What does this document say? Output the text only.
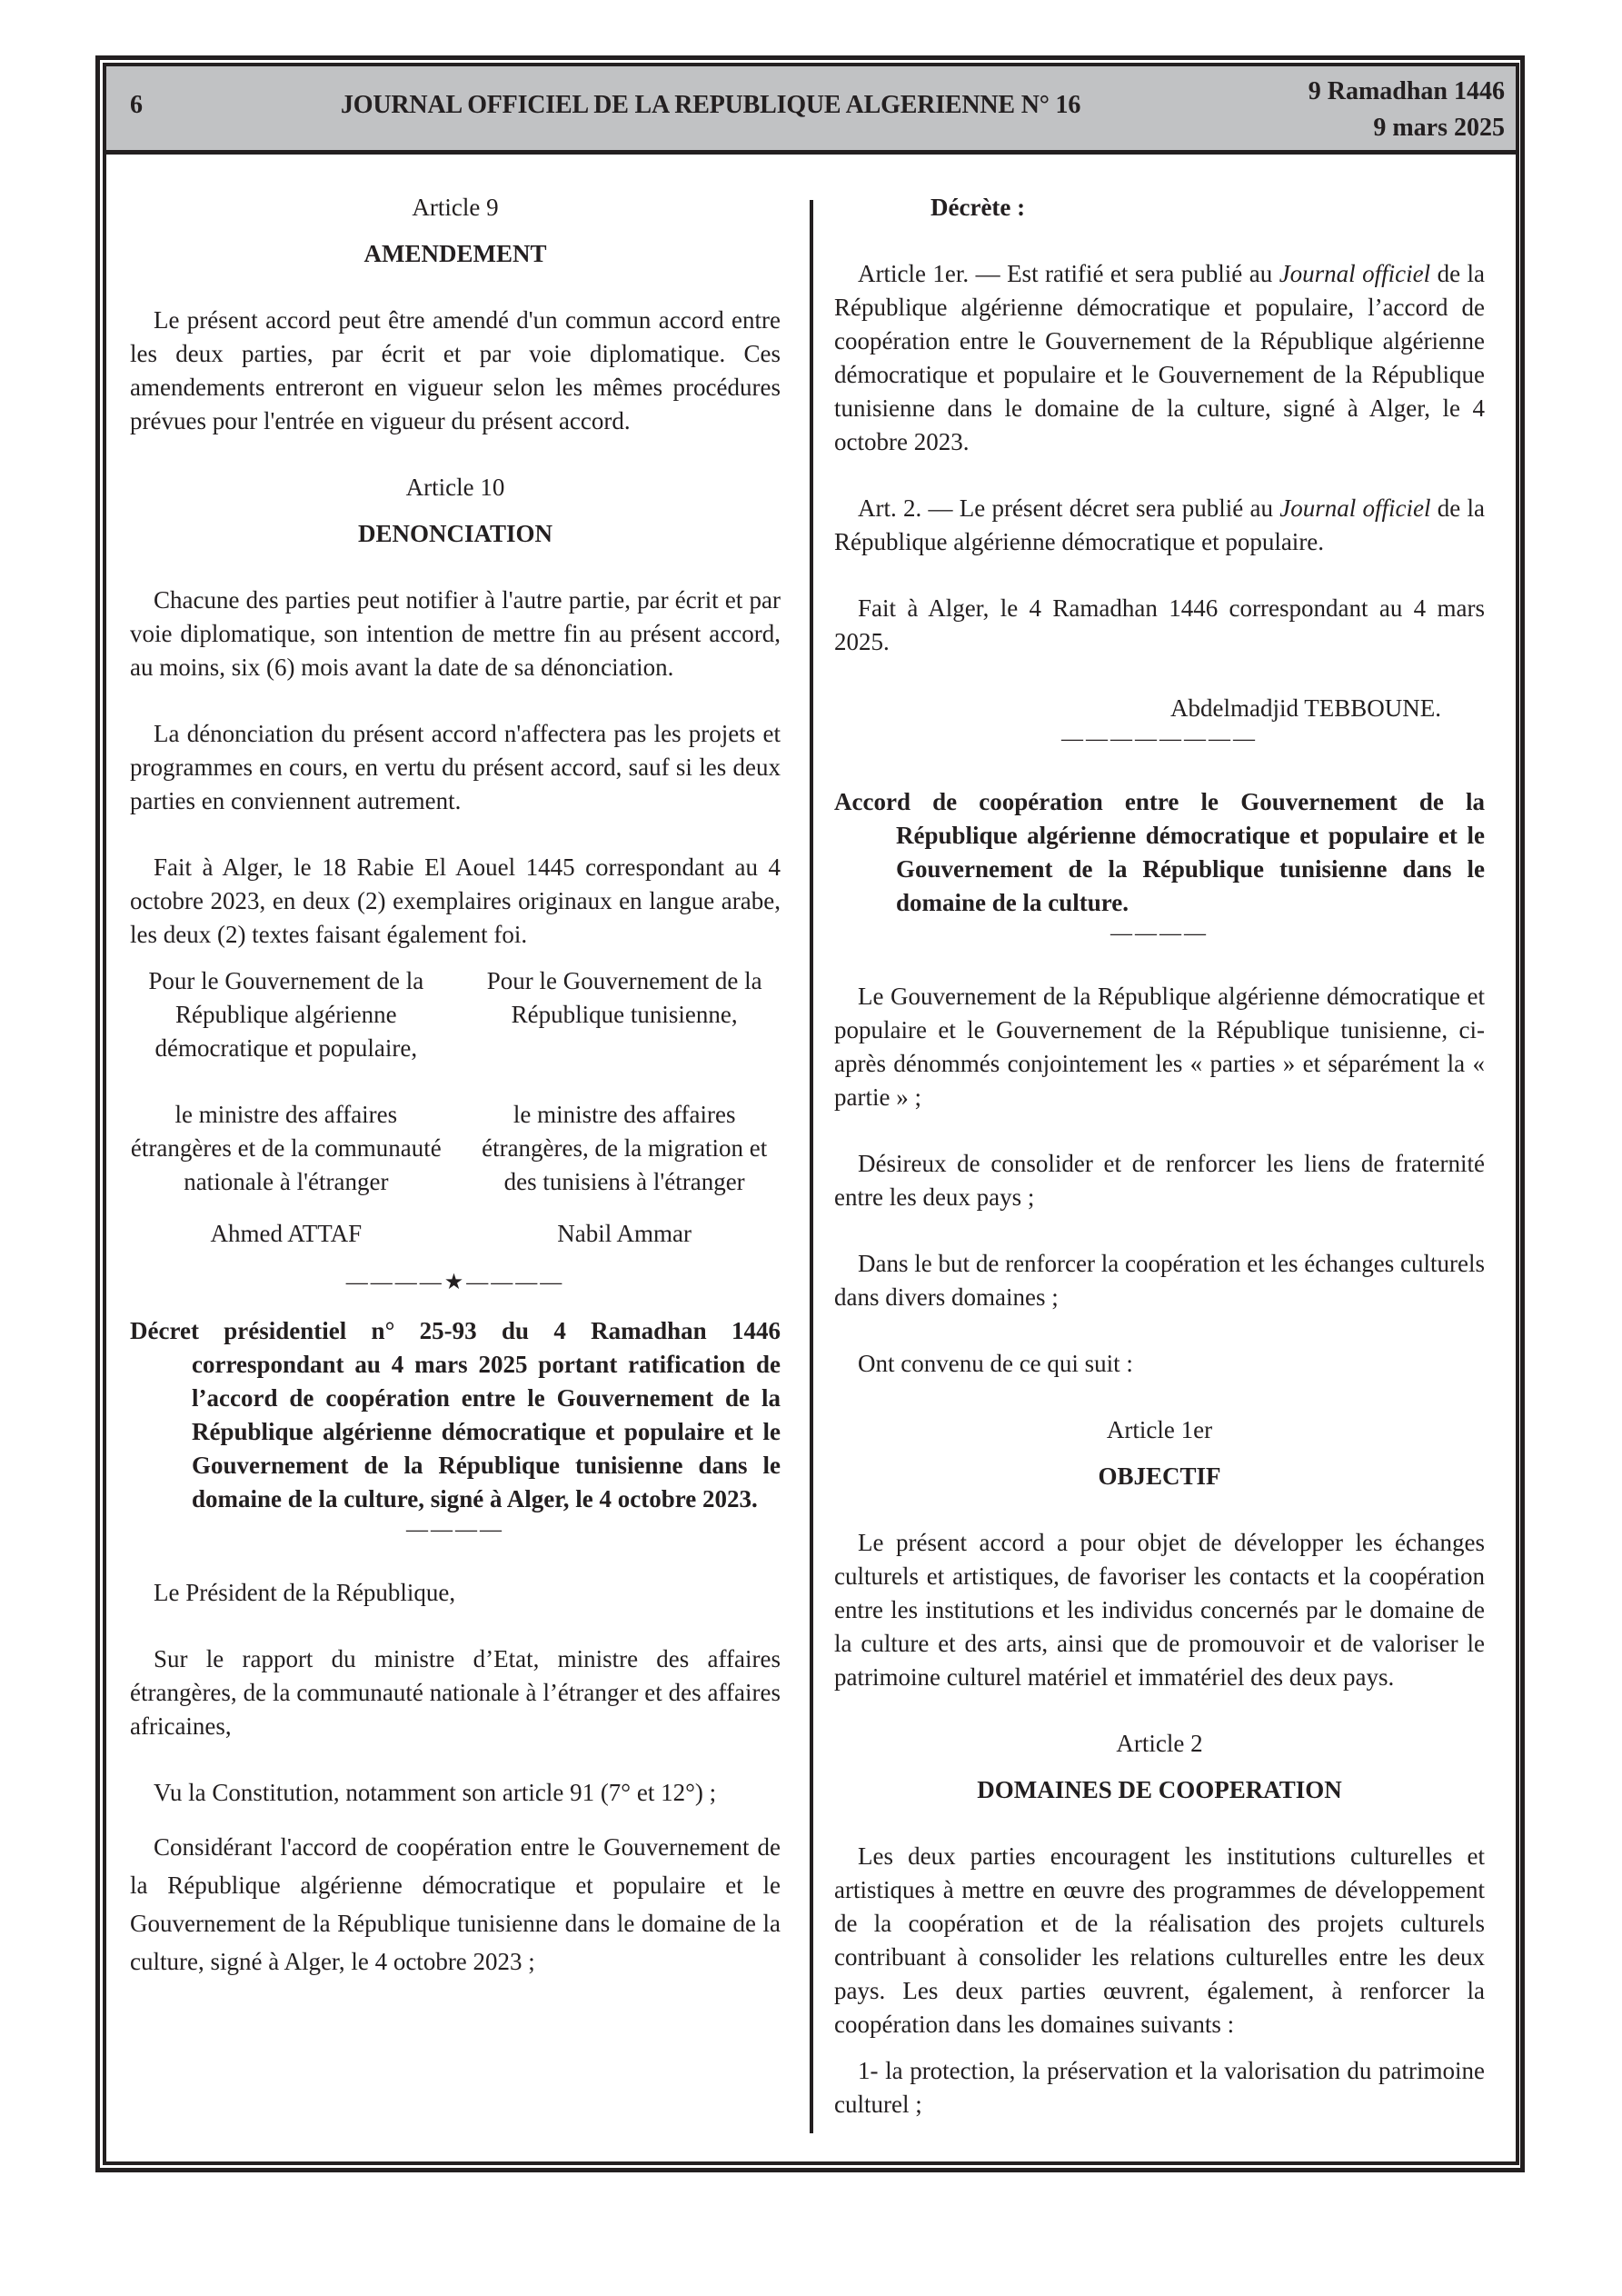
6	JOURNAL OFFICIEL DE LA REPUBLIQUE ALGERIENNE N° 16	9 Ramadhan 1446
9 mars 2025

Article 9

AMENDEMENT

Le présent accord peut être amendé d'un commun accord entre les deux parties, par écrit et par voie diplomatique. Ces amendements entreront en vigueur selon les mêmes procédures prévues pour l'entrée en vigueur du présent accord.

Article 10

DENONCIATION

Chacune des parties peut notifier à l'autre partie, par écrit et par voie diplomatique, son intention de mettre fin au présent accord, au moins, six (6) mois avant la date de sa dénonciation.

La dénonciation du présent accord n'affectera pas les projets et programmes en cours, en vertu du présent accord, sauf si les deux parties en conviennent autrement.

Fait à Alger, le 18 Rabie El Aouel 1445 correspondant au 4 octobre 2023, en deux (2) exemplaires originaux en langue arabe, les deux (2) textes faisant également foi.

Pour le Gouvernement de la République algérienne démocratique et populaire,

le ministre des affaires étrangères et de la communauté nationale à l'étranger

Ahmed ATTAF

Pour le Gouvernement de la République tunisienne,

le ministre des affaires étrangères, de la migration et des tunisiens à l'étranger

Nabil Ammar

————★————

Décret présidentiel n° 25-93 du 4 Ramadhan 1446 correspondant au 4 mars 2025 portant ratification de l’accord de coopération entre le Gouvernement de la République algérienne démocratique et populaire et le Gouvernement de la République tunisienne dans le domaine de la culture, signé à Alger, le 4 octobre 2023.

————

Le Président de la République,

Sur le rapport du ministre d’Etat, ministre des affaires étrangères, de la communauté nationale à l’étranger et des affaires africaines,

Vu la Constitution, notamment son article 91 (7° et 12°) ;

Considérant l'accord de coopération entre le Gouvernement de la République algérienne démocratique et populaire et le Gouvernement de la République tunisienne dans le domaine de la culture, signé à Alger, le 4 octobre 2023 ;

Décrète :

Article 1er. — Est ratifié et sera publié au Journal officiel de la République algérienne démocratique et populaire, l’accord de coopération entre le Gouvernement de la République algérienne démocratique et populaire et le Gouvernement de la République tunisienne dans le domaine de la culture, signé à Alger, le 4 octobre 2023.

Art. 2. — Le présent décret sera publié au Journal officiel de la République algérienne démocratique et populaire.

Fait à Alger, le 4 Ramadhan 1446 correspondant au 4 mars 2025.

Abdelmadjid TEBBOUNE.

————————

Accord de coopération entre le Gouvernement de la République algérienne démocratique et populaire et le Gouvernement de la République tunisienne dans le domaine de la culture.

————

Le Gouvernement de la République algérienne démocratique et populaire et le Gouvernement de la République tunisienne, ci-après dénommés conjointement les « parties » et séparément la « partie » ;

Désireux de consolider et de renforcer les liens de fraternité entre les deux pays ;

Dans le but de renforcer la coopération et les échanges culturels dans divers domaines ;

Ont convenu de ce qui suit :

Article 1er

OBJECTIF

Le présent accord a pour objet de développer les échanges culturels et artistiques, de favoriser les contacts et la coopération entre les institutions et les individus concernés par le domaine de la culture et des arts, ainsi que de promouvoir et de valoriser le patrimoine culturel matériel et immatériel des deux pays.

Article 2

DOMAINES DE COOPERATION

Les deux parties encouragent les institutions culturelles et artistiques à mettre en œuvre des programmes de développement de la coopération et de la réalisation des projets culturels contribuant à consolider les relations culturelles entre les deux pays. Les deux parties œuvrent, également, à renforcer la coopération dans les domaines suivants :

1- la protection, la préservation et la valorisation du patrimoine culturel ;
